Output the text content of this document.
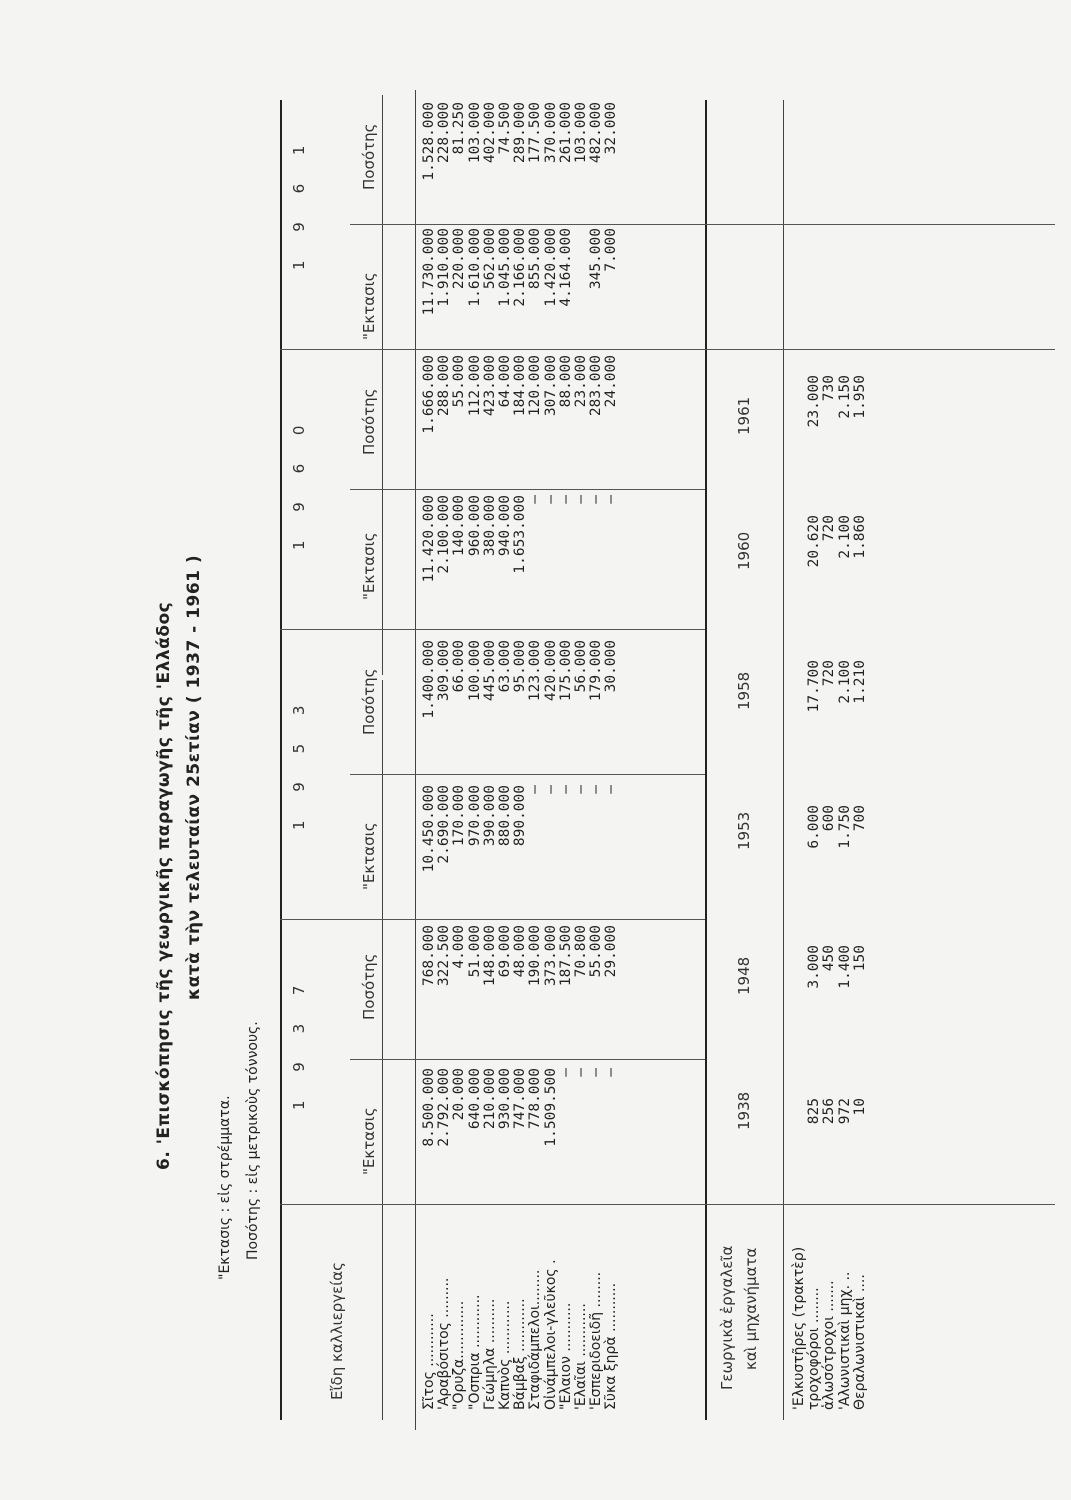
6. 'Επισκόπησις τῆς γεωργικῆς παραγωγῆς τῆς 'Ελλάδος κατὰ τὴν τελευταίαν 25ετίαν ( 1937 - 1961 )
"Εκτασις : εἰς στρέμματα. Ποσότης : εἰς μετρικοὺς τόννους.
Εἴδη καλλιεργείας
1 9 3 7
1 9 5 3
1 9 6 0
1 9 6 1
"Εκτασις
Ποσότης
"Εκτασις
Ποσότης
"Εκτασις
Ποσότης
"Εκτασις
Ποσότης
Σῖτος ............ 'Αραβόσιτος ......... "Ορυζα............. "Οσπρια ............ Γεώμηλα .......... Καπνὸς ............ Βάμβαξ ............ Σταφιδάμπελοι........ Οἰνάμπελοι-γλεῦκος . "Ελαιον ........... 'Ελαῖαι ............ 'Εσπεριδοειδῆ ........ Σῦκα ξηρὰ ...........
8.500.000 2.792.000 20.000 640.000 210.000 930.000 747.000 778.000 1.509.500 — — — —
768.000 322.500 4.000 51.000 148.000 69.000 48.000 190.000 373.000 187.500 70.800 55.000 29.000
10.450.000 2.690.000 170.000 970.000 390.000 880.000 890.000 — — — — — —
1.400.000 309.000 66.000 100.000 445.000 63.000 95.000 123.000 420.000 175.000 56.000 179.000 30.000
11.420.000 2.100.000 140.000 960.000 380.000 940.000 1.653.000 — — — — — —
1.666.000 288.000 55.000 112.000 423.000 64.000 184.000 120.000 307.000 88.000 23.000 283.000 24.000
11.730.000 1.910.000 220.000 1.610.000 562.000 1.045.000 2.166.000 855.000 1.420.000 4.164.000
345.000 7.000
1.528.000 228.000 81.250 103.000 402.000 74.500 289.000 177.500 370.000 261.000 103.000 482.000 32.000
Γεωργικὰ ἐργαλεῖα καὶ μηχανήματα
1938
1948
1953
1958
1960
1961
'Ελκυστῆρες (τρακτὲρ) τροχοφόροι ........ ἁλωσότροχοι ....... 'Αλωνιστικαὶ μηχ. .. Θεραλωνιστικαὶ ....

825 256 972 10

3.000 450 1.400 150

6.000 600 1.750 700

17.700 720 2.100 1.210

20.620 720 2.100 1.860

23.000 730 2.150 1.950
